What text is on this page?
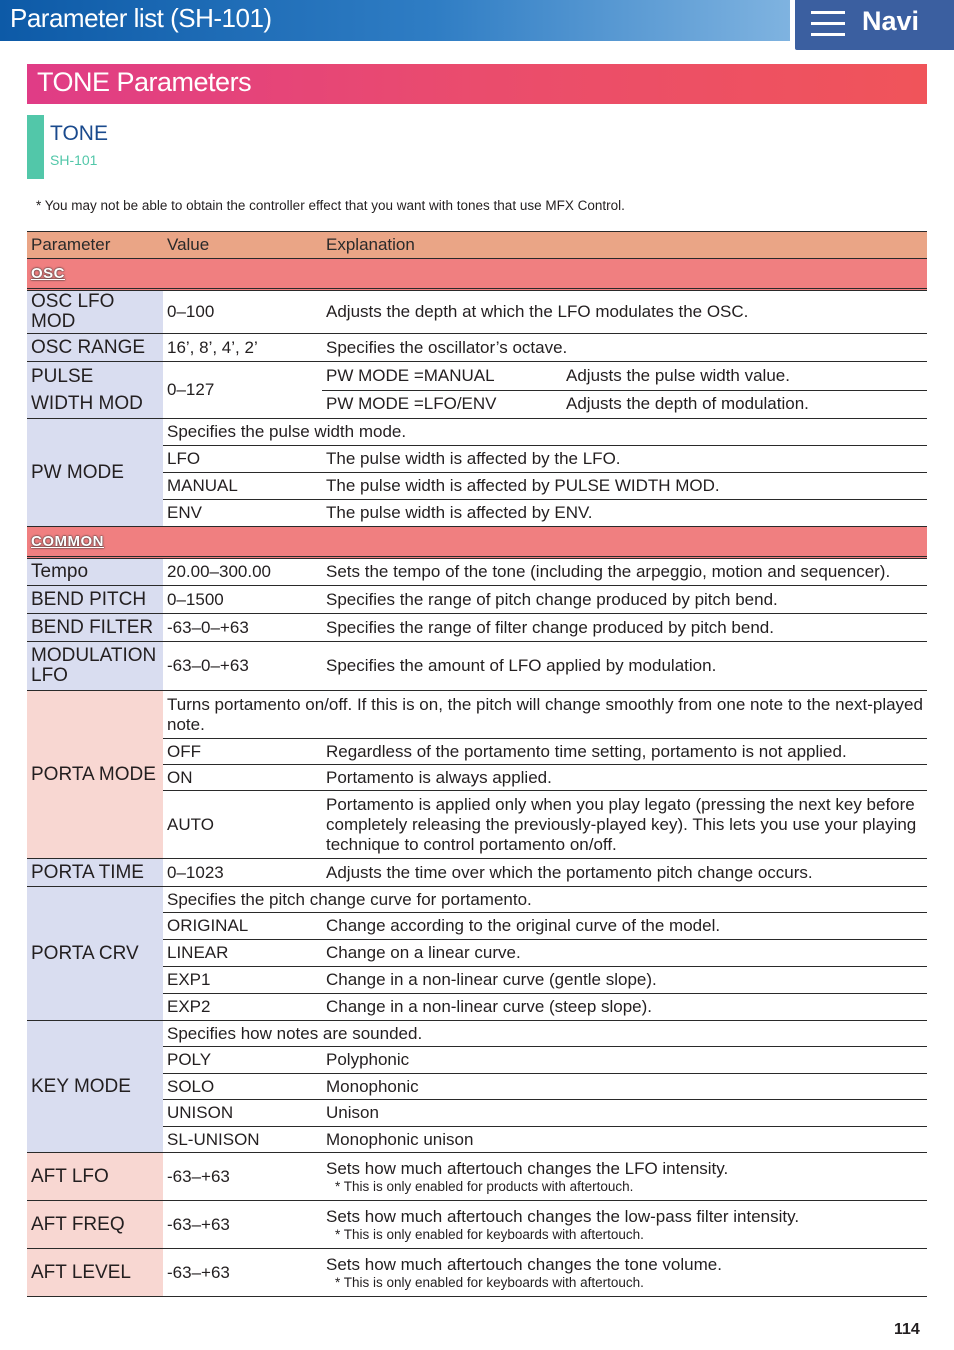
Parameter list (SH-101)	Navi
TONE Parameters
TONE
SH-101
* You may not be able to obtain the controller effect that you want with tones that use MFX Control.
Parameter	Value	Explanation	
OSC			
OSC LFO MOD	0–100	Adjusts the depth at which the LFO modulates the OSC.	
OSC RANGE	16’, 8’, 4’, 2’	Specifies the oscillator’s octave.	
PULSE WIDTH MOD	0–127	PW MODE =MANUAL	Adjusts the pulse width value.
		PW MODE =LFO/ENV	Adjusts the depth of modulation.
PW MODE	Specifies the pulse width mode.		
	LFO	The pulse width is affected by the LFO.	
	MANUAL	The pulse width is affected by PULSE WIDTH MOD.	
	ENV	The pulse width is affected by ENV.	
COMMON			
Tempo	20.00–300.00	Sets the tempo of the tone (including the arpeggio, motion and sequencer).	
BEND PITCH	0–1500	Specifies the range of pitch change produced by pitch bend.	
BEND FILTER	-63–0–+63	Specifies the range of filter change produced by pitch bend.	
MODULATION LFO	-63–0–+63	Specifies the amount of LFO applied by modulation.	
PORTA MODE	Turns portamento on/off. If this is on, the pitch will change smoothly from one note to the next-played note.		
	OFF	Regardless of the portamento time setting, portamento is not applied.	
	ON	Portamento is always applied.	
	AUTO	Portamento is applied only when you play legato (pressing the next key before completely releasing the previously-played key). This lets you use your playing technique to control portamento on/off.	
PORTA TIME	0–1023	Adjusts the time over which the portamento pitch change occurs.	
PORTA CRV	Specifies the pitch change curve for portamento.		
	ORIGINAL	Change according to the original curve of the model.	
	LINEAR	Change on a linear curve.	
	EXP1	Change in a non-linear curve (gentle slope).	
	EXP2	Change in a non-linear curve (steep slope).	
KEY MODE	Specifies how notes are sounded.		
	POLY	Polyphonic	
	SOLO	Monophonic	
	UNISON	Unison	
	SL-UNISON	Monophonic unison	
AFT LFO	-63–+63	Sets how much aftertouch changes the LFO intensity.
* This is only enabled for products with aftertouch.	

AFT FREQ	-63–+63	Sets how much aftertouch changes the low-pass filter intensity.
* This is only enabled for keyboards with aftertouch.	

AFT LEVEL	-63–+63	Sets how much aftertouch changes the tone volume.
* This is only enabled for keyboards with aftertouch.	
114
